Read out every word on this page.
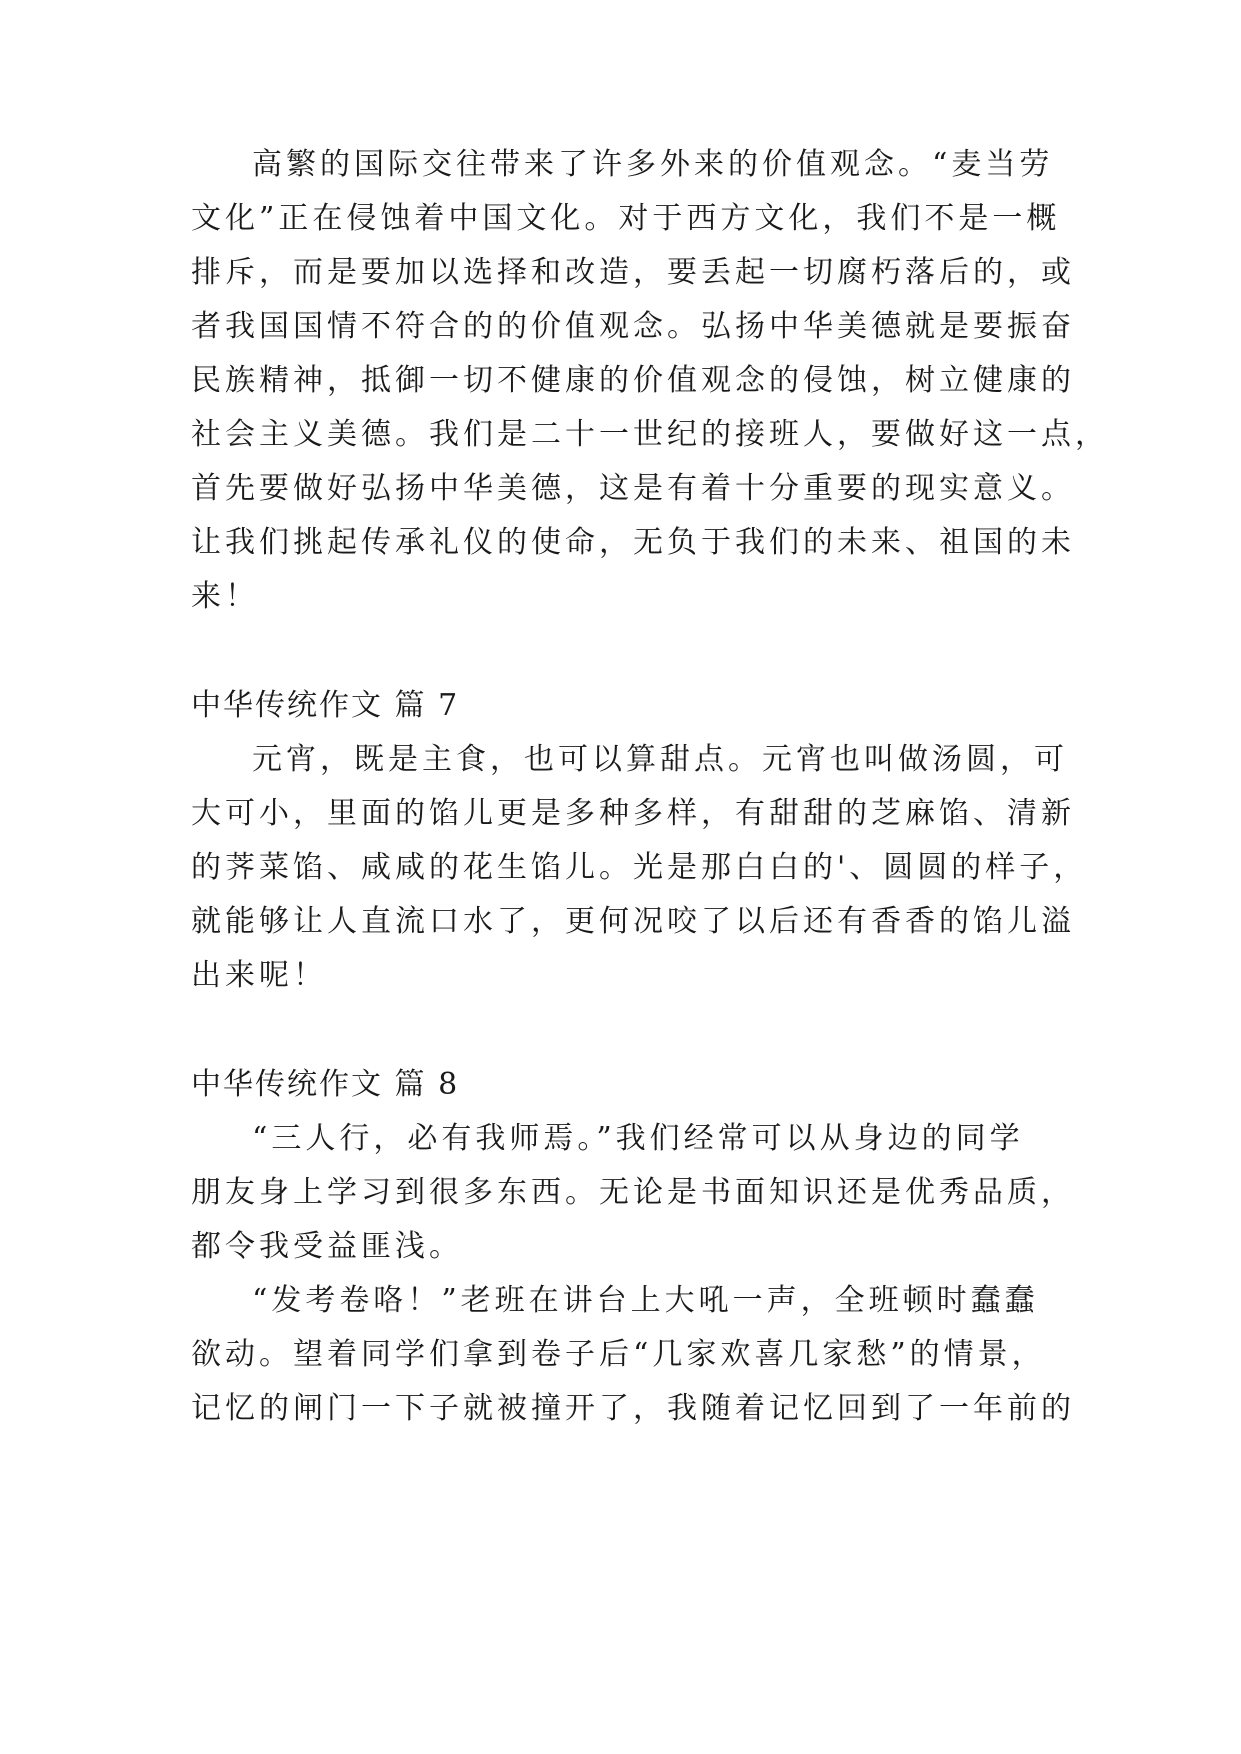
高繁的国际交往带来了许多外来的价值观念。“麦当劳
文化”正在侵蚀着中国文化。对于西方文化，我们不是一概
排斥，而是要加以选择和改造，要丢起一切腐朽落后的，或
者我国国情不符合的的价值观念。弘扬中华美德就是要振奋
民族精神，抵御一切不健康的价值观念的侵蚀，树立健康的
社会主义美德。我们是二十一世纪的接班人，要做好这一点，
首先要做好弘扬中华美德，这是有着十分重要的现实意义。
让我们挑起传承礼仪的使命，无负于我们的未来、祖国的未
来！
中华传统作文 篇 7
元宵，既是主食，也可以算甜点。元宵也叫做汤圆，可
大可小，里面的馅儿更是多种多样，有甜甜的芝麻馅、清新
的荠菜馅、咸咸的花生馅儿。光是那白白的'、圆圆的样子，
就能够让人直流口水了，更何况咬了以后还有香香的馅儿溢
出来呢！
中华传统作文 篇 8
“三人行，必有我师焉。”我们经常可以从身边的同学
朋友身上学习到很多东西。无论是书面知识还是优秀品质，
都令我受益匪浅。
“发考卷咯！”老班在讲台上大吼一声，全班顿时蠢蠢
欲动。望着同学们拿到卷子后“几家欢喜几家愁”的情景，
记忆的闸门一下子就被撞开了，我随着记忆回到了一年前的
